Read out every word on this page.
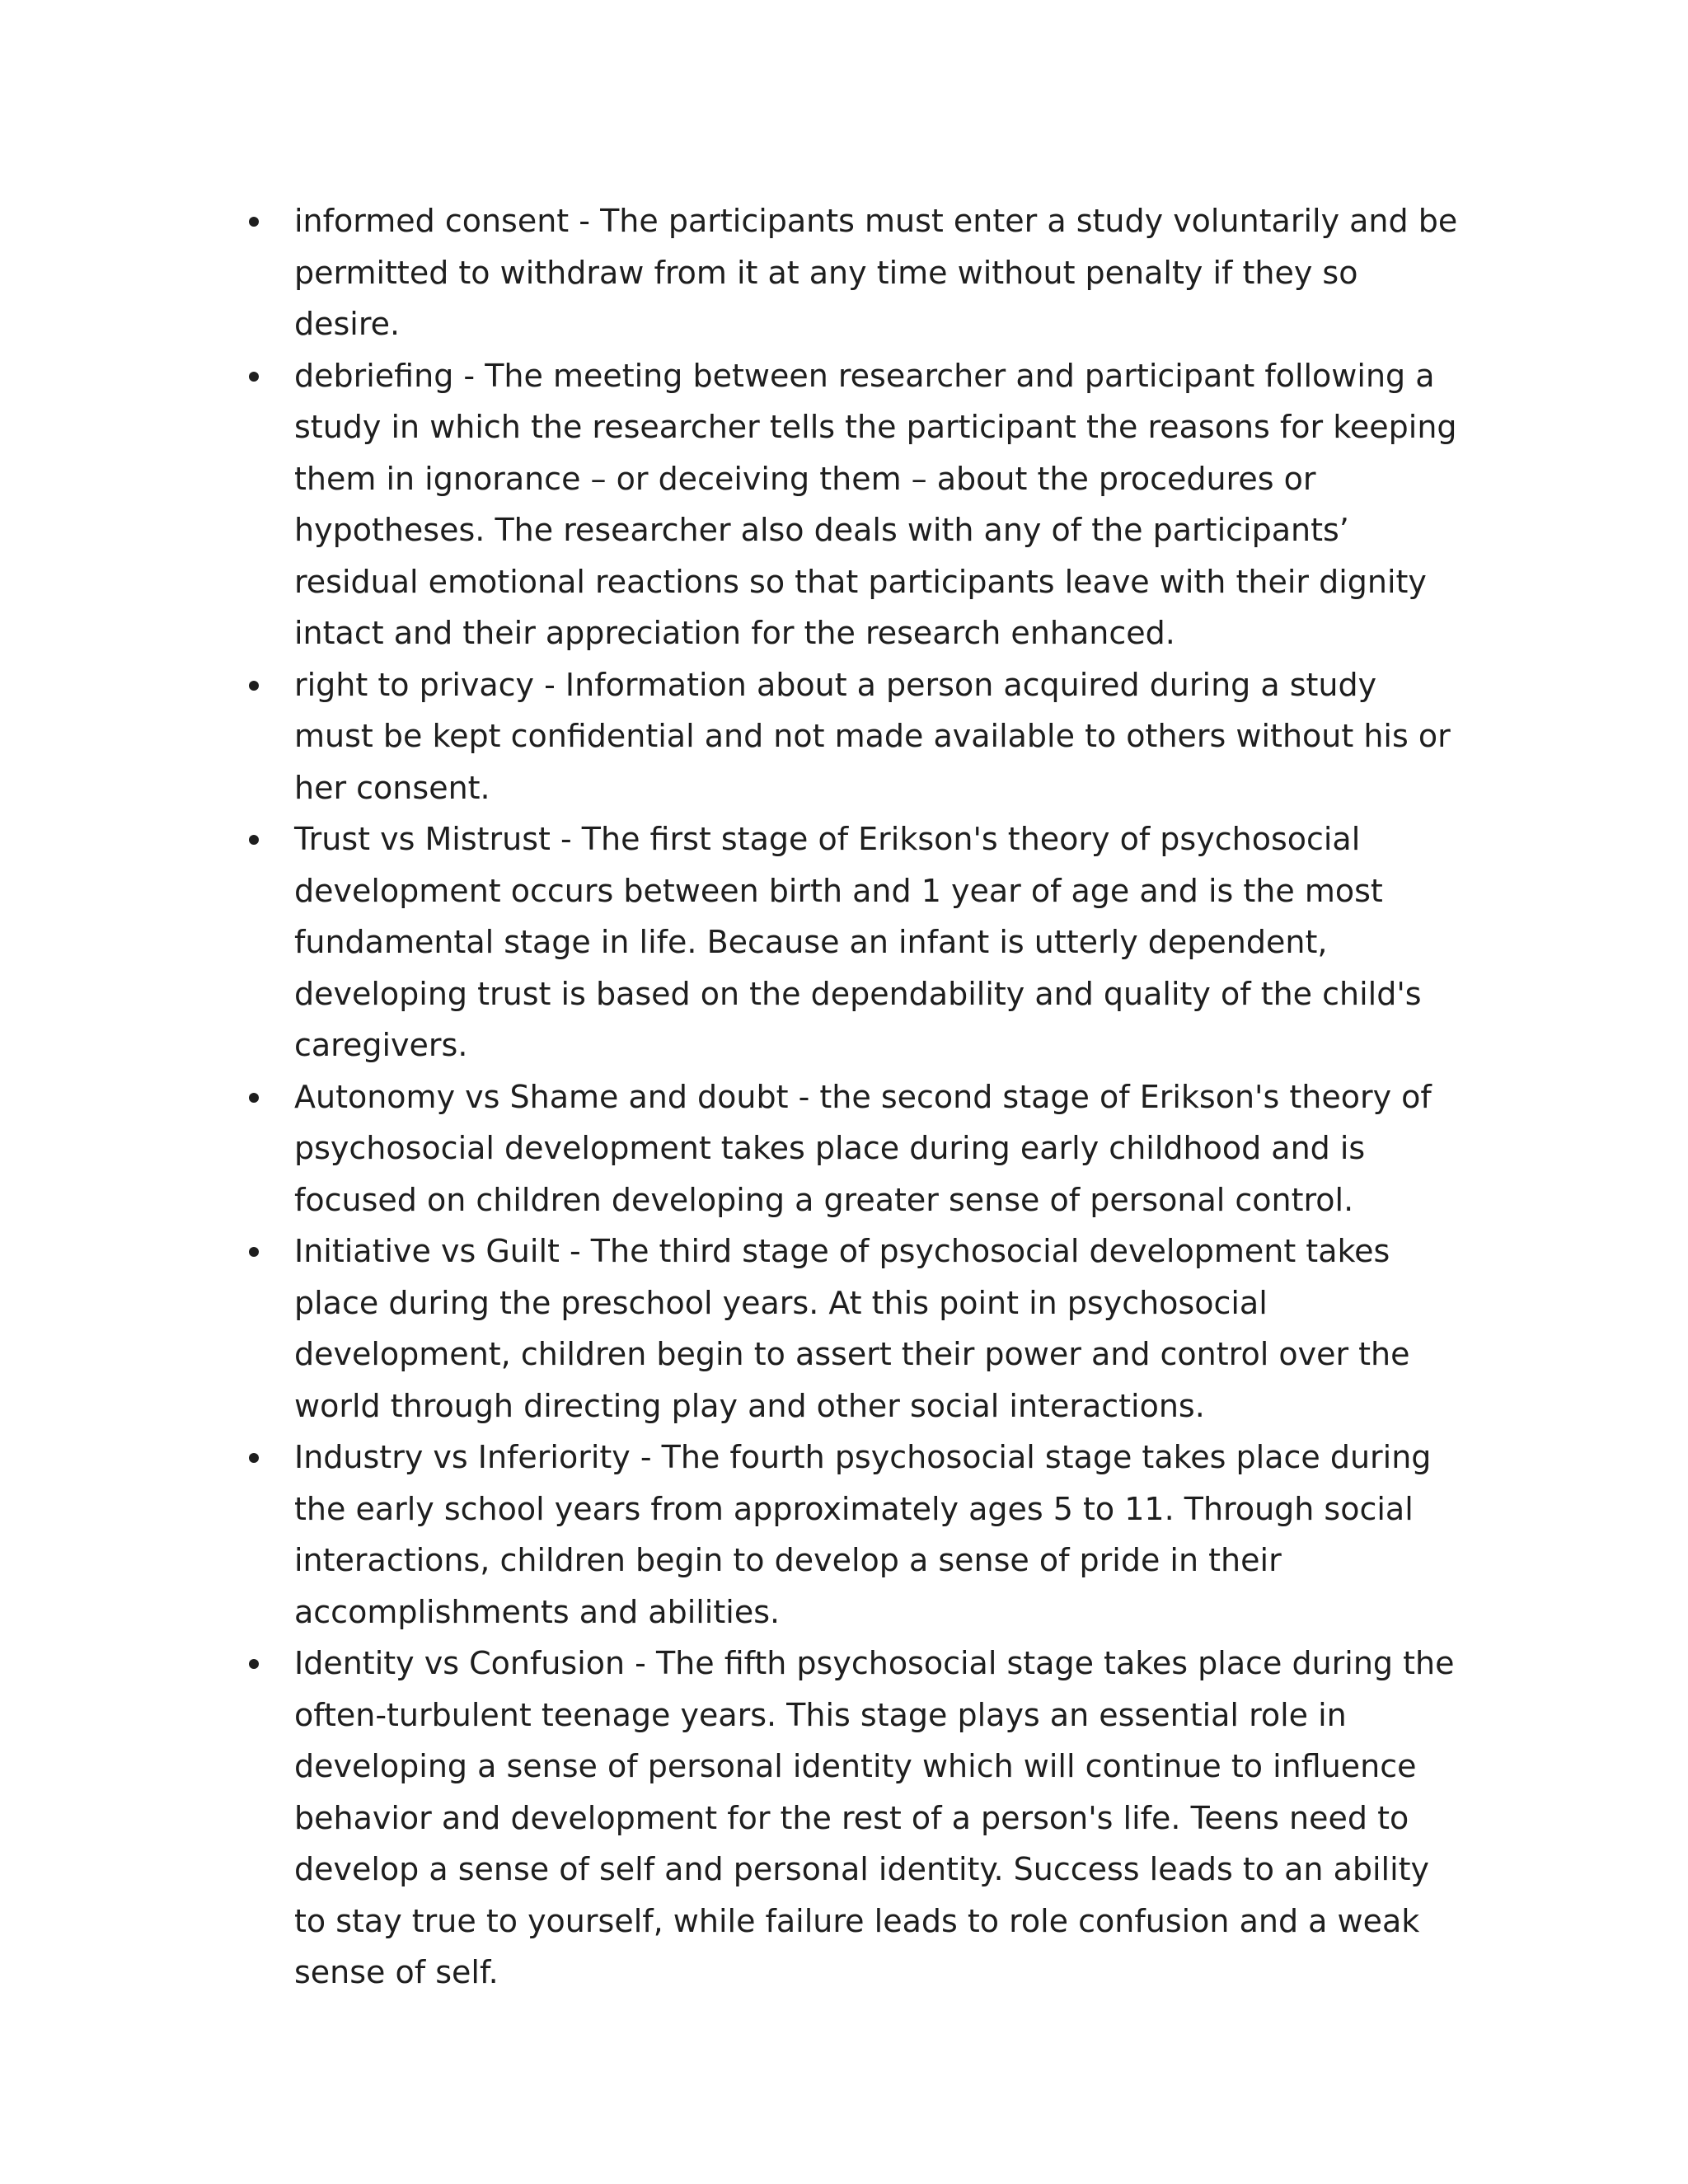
informed consent - The participants must enter a study voluntarily and be permitted to withdraw from it at any time without penalty if they so desire.
debriefing - The meeting between researcher and participant following a study in which the researcher tells the participant the reasons for keeping them in ignorance – or deceiving them – about the procedures or hypotheses. The researcher also deals with any of the participants’ residual emotional reactions so that participants leave with their dignity intact and their appreciation for the research enhanced.
right to privacy - Information about a person acquired during a study must be kept confidential and not made available to others without his or her consent.
Trust vs Mistrust - The first stage of Erikson's theory of psychosocial development occurs between birth and 1 year of age and is the most fundamental stage in life. Because an infant is utterly dependent, developing trust is based on the dependability and quality of the child's caregivers.
Autonomy vs Shame and doubt - the second stage of Erikson's theory of psychosocial development takes place during early childhood and is focused on children developing a greater sense of personal control.
Initiative vs Guilt - The third stage of psychosocial development takes place during the preschool years. At this point in psychosocial development, children begin to assert their power and control over the world through directing play and other social interactions.
Industry vs Inferiority - The fourth psychosocial stage takes place during the early school years from approximately ages 5 to 11. Through social interactions, children begin to develop a sense of pride in their accomplishments and abilities.
Identity vs Confusion - The fifth psychosocial stage takes place during the often-turbulent teenage years. This stage plays an essential role in developing a sense of personal identity which will continue to influence behavior and development for the rest of a person's life. Teens need to develop a sense of self and personal identity. Success leads to an ability to stay true to yourself, while failure leads to role confusion and a weak sense of self.
